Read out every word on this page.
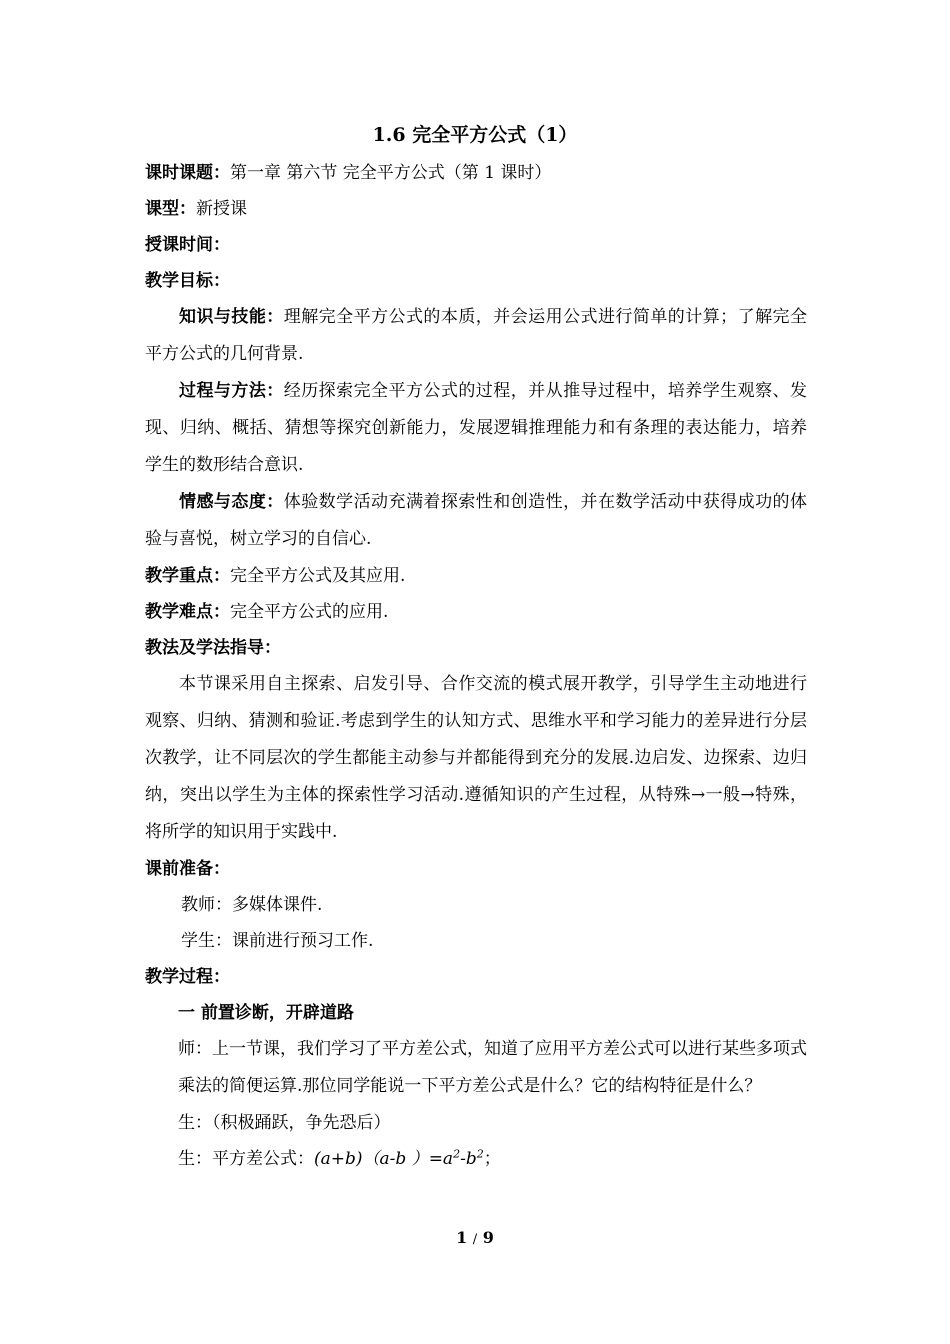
1.6 完全平方公式（1）

课时课题：第一章 第六节 完全平方公式（第 1 课时）

课型：新授课

授课时间：

教学目标：

知识与技能：理解完全平方公式的本质，并会运用公式进行简单的计算；了解完全平方公式的几何背景.

过程与方法：经历探索完全平方公式的过程，并从推导过程中，培养学生观察、发现、归纳、概括、猜想等探究创新能力，发展逻辑推理能力和有条理的表达能力，培养学生的数形结合意识.

情感与态度：体验数学活动充满着探索性和创造性，并在数学活动中获得成功的体验与喜悦，树立学习的自信心.

教学重点：完全平方公式及其应用.

教学难点：完全平方公式的应用.

教法及学法指导：

本节课采用自主探索、启发引导、合作交流的模式展开教学，引导学生主动地进行观察、归纳、猜测和验证.考虑到学生的认知方式、思维水平和学习能力的差异进行分层次教学，让不同层次的学生都能主动参与并都能得到充分的发展.边启发、边探索、边归纳，突出以学生为主体的探索性学习活动.遵循知识的产生过程，从特殊→一般→特殊，将所学的知识用于实践中.

课前准备：

教师：多媒体课件.

学生：课前进行预习工作.

教学过程：

一 前置诊断，开辟道路

师：上一节课，我们学习了平方差公式，知道了应用平方差公式可以进行某些多项式乘法的简便运算.那位同学能说一下平方差公式是什么？它的结构特征是什么？

生：（积极踊跃，争先恐后）

生：平方差公式：(a+b)（a-b ）$=a^2-b^2$；

1 / 9
